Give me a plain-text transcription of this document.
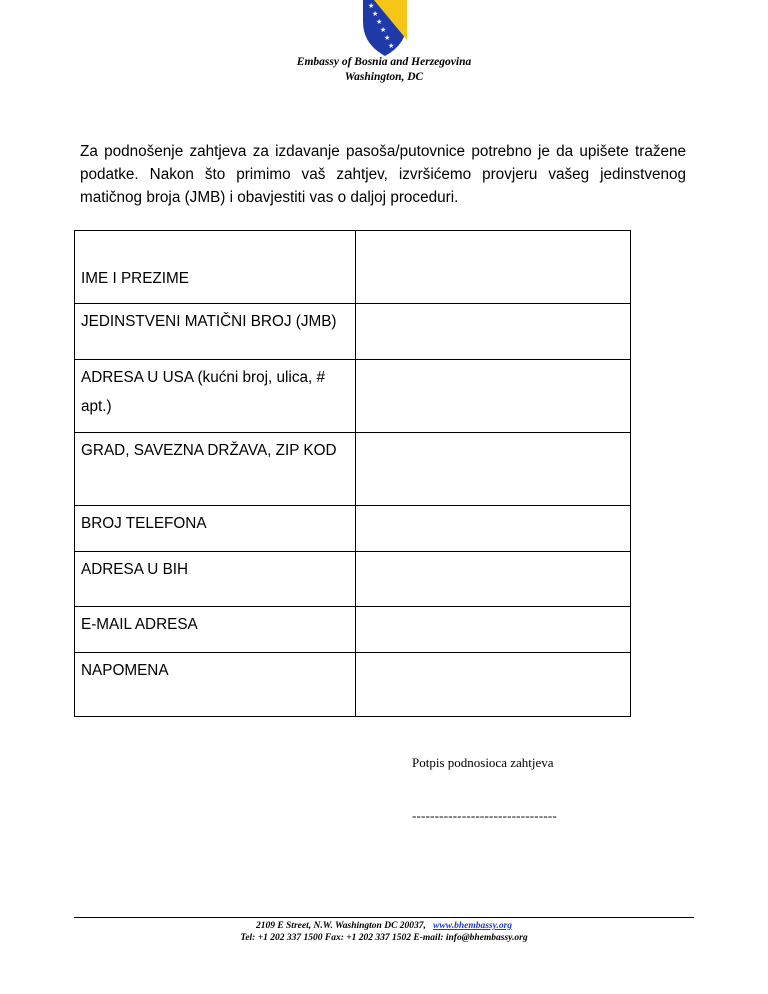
★
★
★
★
★
★
Embassy of Bosnia and Herzegovina
Washington, DC
Za podnošenje zahtjeva za izdavanje pasoša/putovnice potrebno je da upišete tražene podatke. Nakon što primimo vaš zahtjev, izvršićemo provjeru vašeg jedinstvenog matičnog broja (JMB) i obavjestiti vas o daljoj proceduri.
IME I PREZIME	
JEDINSTVENI MATIČNI BROJ (JMB)	
ADRESA U USA (kućni broj, ulica, # apt.)	
GRAD, SAVEZNA DRŽAVA, ZIP KOD	
BROJ TELEFONA	
ADRESA U BIH	
E-MAIL ADRESA	
NAPOMENA	
Potpis podnosioca zahtjeva
--------------------------------
2109 E Street, N.W. Washington DC 20037, www.bhembassy.org
Tel: +1 202 337 1500 Fax: +1 202 337 1502 E-mail: info@bhembassy.org
